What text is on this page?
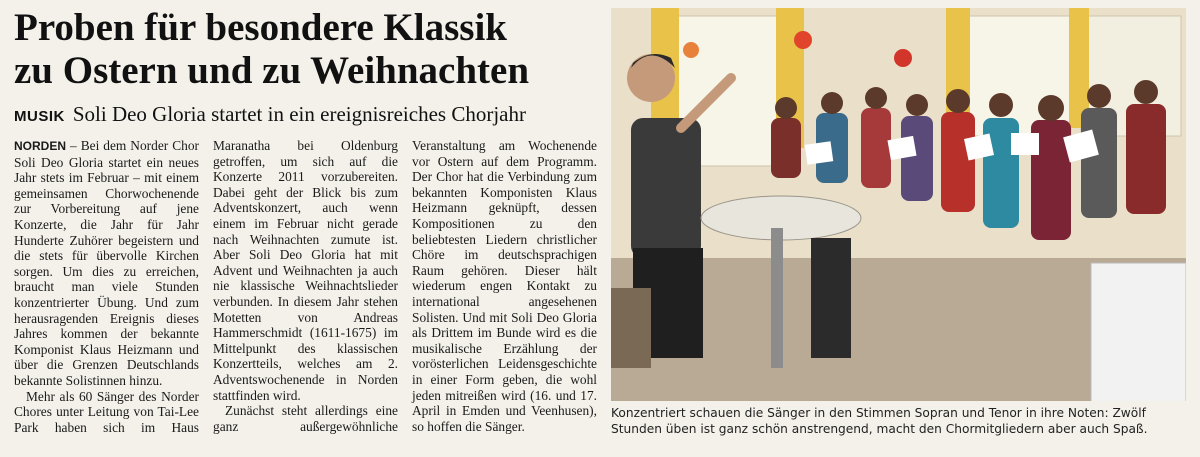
Proben für besondere Klassik
zu Ostern und zu Weihnachten
MUSIK Soli Deo Gloria startet in ein ereignisreiches Chorjahr

NORDEN – Bei dem Norder Chor Soli Deo Gloria startet ein neues Jahr stets im Februar – mit einem gemeinsamen Chorwochenende zur Vorbereitung auf jene Konzerte, die Jahr für Jahr Hunderte Zuhörer begeistern und die stets für übervolle Kirchen sorgen. Um dies zu erreichen, braucht man viele Stunden konzentrierter Übung. Und zum herausragenden Ereignis dieses Jahres kommen der bekannte Komponist Klaus Heizmann und über die Grenzen Deutschlands bekannte Solistinnen hinzu.

Mehr als 60 Sänger des Norder Chores unter Leitung von Tai-Lee Park haben sich im Haus Maranatha bei Oldenburg getroffen, um sich auf die Konzerte 2011 vorzubereiten. Dabei geht der Blick bis zum Adventskonzert, auch wenn einem im Februar nicht gerade nach Weihnachten zumute ist. Aber Soli Deo Gloria hat mit Advent und Weihnachten ja auch nie klassische Weihnachtslieder verbunden. In diesem Jahr stehen Motetten von Andreas Hammerschmidt (1611-1675) im Mittelpunkt des klassischen Konzertteils, welches am 2. Adventswochenende in Norden stattfinden wird.

Zunächst steht allerdings eine ganz außergewöhnliche Veranstaltung am Wochenende vor Ostern auf dem Programm. Der Chor hat die Verbindung zum bekannten Komponisten Klaus Heizmann geknüpft, dessen Kompositionen zu den beliebtesten Liedern christlicher Chöre im deutschsprachigen Raum gehören. Dieser hält wiederum engen Kontakt zu international angesehenen Solisten. Und mit Soli Deo Gloria als Drittem im Bunde wird es die musikalische Erzählung der vorösterlichen Leidensgeschichte in einer Form geben, die wohl jeden mitreißen wird (16. und 17. April in Emden und Veenhusen), so hoffen die Sänger.

Konzentriert schauen die Sänger in den Stimmen Sopran und Tenor in ihre Noten: Zwölf Stunden üben ist ganz schön anstrengend, macht den Chormitgliedern aber auch Spaß.
